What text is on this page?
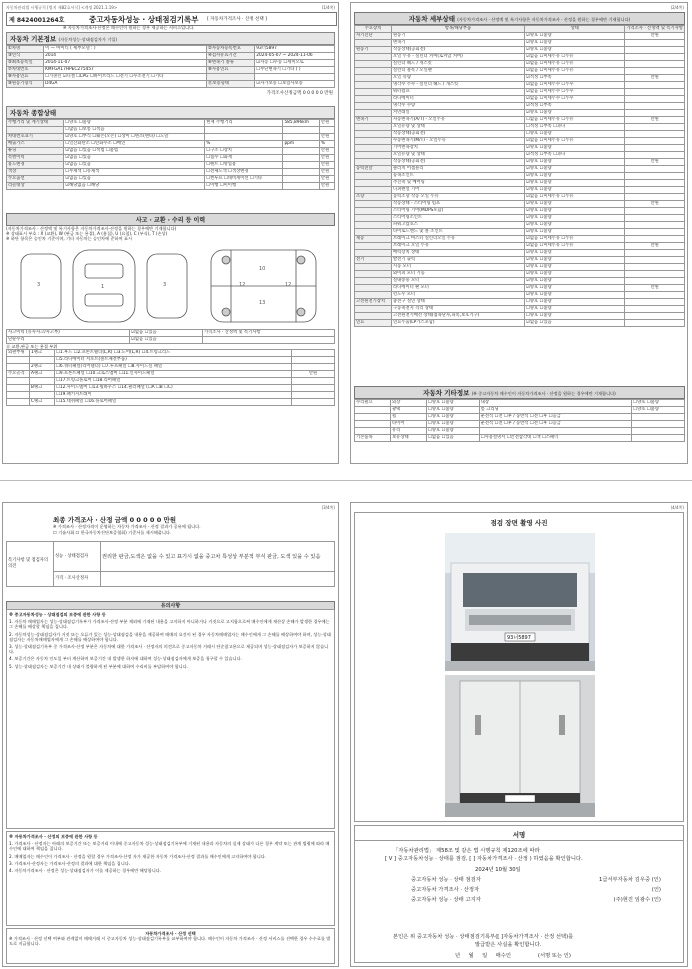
자동차관리법 시행규칙 [별지 제82호서식] <개정 2021.1.19>	(1/4쪽)
제 8424001264호	중고자동차성능 · 상태점검기록부 [ 자동차가격조사 · 산정 선택 ]
※ 자동차가격조사·산정은 매수인이 원하는 경우 제공하는 서비스입니다.
자동차 기본정보 (자동차성능·상태점검자가 기입)
①차명	이 — 마이티 ( 세부모델 : )	②자동차등록번호	93너5897
③연식	2014	④검사유효기간	2024-05-07 ~ 2024-11-06
⑤최초등록일	2014-11-07	⑥변속기 종류	☑자동 ☐수동 ☐세미오토
⑦차대번호	KMFGA17HPEC275457	⑧사용연료	☐무단변속기 ☐기타 ( )
⑨사용연료	☐가솔린 ☑디젤 ☐LPG ☐하이브리드 ☐전기 ☐수소전기 ☐기타		
⑩원동기형식	D4GA	⑪보증형태	☑자가보증 ☐보험사보증
가격조사산정금액 0 0 0 0 0 만원
자동차 종합상태
주행거리 및 계기상태	☐양호 ☐불량	현재 주행거리	585,896km	만원
	☐많음 ☐보통 ☐적음			
차대번호표기	☑양호 ☐부식 ☐훼손(오손) ☐상이 ☐변조(변타) ☐도말			만원
배출가스	☐일산화탄소 ☐탄화수소 ☐매연	%	ppm	%
튜닝	☑없음 ☐있음 ☐적법 ☐불법	☐구조 ☐장치		만원
특별이력	☑없음 ☐있음	☐침수 ☐화재		만원
용도변경	☑없음 ☐있음	☐렌트 ☐영업용		만원
색상	☐무채색 ☐유채색	☐전체도색 ☐색상변경		만원
주요옵션	☑없음 ☐있음	☐썬루프 ☐네비게이션 ☐기타		만원
리콜대상	☑해당없음 ☐해당	☐이행 ☐미이행		만원
사고 · 교환 · 수리 등 이력
(자동차가격조사 · 산정액 및 특기사항은 자동차가격조사·산정을 원하는 경우에만 기재합니다)
※ 상태표시 부호 : X (교환), W (판금 또는 용접), A (흠집), U (요철), C (부식), T (손상)
※ 하단 항목은 승인차 기준이며, 기타 자동차는 승인차에 준하여 표시
3	1	3
10
13
12	12
사고이력 (유사사고/사고부)	☑없음 ☐있음	가격조사 · 산정액 및 특기사항
단순수리	☑없음 ☐있음	
⑪ 교환,판금 또는 용접 부위
외판부위	1랭크	☐1.후드 ☐2.프론트휀더(L,R) ☐3.도어(L,R) ☐4.트렁크리드	
		☐5.라디에이터 서포트(볼트체결부품)	
	2랭크	☐6.쿼터패널(리어휀더) ☐7.루프패널 ☐8.사이드실 패널	
주요골격	A랭크	☐9.프론트패널 ☐10.크로스멤버 ☐11.인사이드패널	만원
		☐17.트렁크플로어 ☐18.리어패널	
	B랭크	☐12.사이드멤버 ☐13.휠하우스 ☐14.필러패널 (☐A ☐B ☐C)	
		☐19.패키지트레이	
	C랭크	☐15.대쉬패널 ☐16.플로어패널	
(2/4쪽)
자동차 세부상태 (자동차가격조사 · 산정액 및 특기사항은 자동차가격조사 · 산정을 원하는 경우에만 기재합니다)
주요장치	항목/해당부품	상태	가격조사 · 산정액 및 특기사항
자기진단	원동기	☑양호 ☐불량	만원
	변속기	☑양호 ☐불량	
원동기	작동상태(공회전)	☑양호 ☐불량	
	오일 누유 - 실린더 커버(로커암 커버)	☑없음 ☐미세누유 ☐누유	
	실린더 헤드 / 개스킷	☑없음 ☐미세누유 ☐누유	
	실린더 블록 / 오일팬	☑없음 ☐미세누유 ☐누유	
	오일 유량	☑적정 ☐부족	만원
	냉각수 누수 - 실린더 헤드 / 개스킷	☑없음 ☐미세누수 ☐누수	
	워터펌프	☑없음 ☐미세누수 ☐누수	
	라디에이터	☑없음 ☐미세누수 ☐누수	
	냉각수 수량	☑적정 ☐부족	
	커먼레일	☑양호 ☐불량	
변속기	자동변속기(A/T) - 오일누유	☐없음 ☐미세누유 ☐누유	만원
	오일유량 및 상태	☐적정 ☐부족 ☐과다	
	작동상태(공회전)	☐양호 ☐불량	
	수동변속기(M/T) - 오일누유	☑없음 ☐미세누유 ☐누유	
	기어변속장치	☑양호 ☐불량	
	오일유량 및 상태	☑적정 ☐부족 ☐과다	
	작동상태(공회전)	☑양호 ☐불량	만원
동력전달	클러치 어셈블리	☑양호 ☐불량	
	등속조인트	☑양호 ☐불량	
	추진축 및 베어링	☑양호 ☐불량	
	디퍼렌셜 기어	☑양호 ☐불량	
조향	동력조향 작동 오일 누유	☑없음 ☐미세누유 ☐누유	
	작동상태 - 스티어링 펌프	☑양호 ☐불량	만원
	스티어링 기어(MDPS포함)	☑양호 ☐불량	
	스티어링조인트	☑양호 ☐불량	
	파워고압호스	☑양호 ☐불량	
	타이로드엔드 및 볼 조인트	☑양호 ☐불량	
제동	브레이크 마스터 실린더오일 누유	☑없음 ☐미세누유 ☐누유	
	브레이크 오일 누유	☑없음 ☐미세누유 ☐누유	만원
	배력장치 상태	☑양호 ☐불량	
전기	발전기 출력	☑양호 ☐불량	
	시동 모터	☑양호 ☐불량	
	와이퍼 모터 기능	☑양호 ☐불량	
	실내송풍 모터	☑양호 ☐불량	
	라디에이터 팬 모터	☑양호 ☐불량	만원
	윈도우 모터	☑양호 ☐불량	
고전원전기장치	충전구 절연 상태	☐양호 ☐불량	
	구동축전지 격리 상태	☐양호 ☐불량	
	고전원전기배선 상태(접속단자,피복,보호기구)	☐양호 ☐불량	
연료	연료누출(LP가스포함)	☑없음 ☐있음	
자동차 기타정보 (※ 중고자동차 매수인이 자동차가격조사 · 산정을 원하는 경우에만 기재합니다)
수리필요	외장	☐양호 ☐불량	내장	☐양호 ☐불량
	광택	☐양호 ☐불량	룸 크리닝	☐양호 ☐불량
	휠	☐양호 ☐불량	운전석 ☐전 ☐후 / 동반석 ☐전 ☐후 ☐응급	
	타이어	☐양호 ☐불량	운전석 ☐전 ☐후 / 동반석 ☐전 ☐후 ☐응급	
	유리	☐양호 ☐불량		
기본품목	보유상태	☐없음 ☐있음	☐사용설명서 ☐안전삼각대 ☐잭 ☐스패너	
(3/4쪽)
최종 가격조사 · 산정 금액 0 0 0 0 0 만원
※ 가격조사 · 산정자격이 운영하는 자동차 가격조사 · 산정 결과가 공유에 됩니다.
☐ 기술사회 ☐ 한국자동차진단보증협회) 기준서를 제시해줍니다.
특기사항 및 점검자의 의견	성능 · 상태점검자	권리한 판금,도색은 없을 수 있고 표기시 없을 중고차 특성상 부분적 부식 판금, 도색 있을 수 있음
	가격 · 조사산정자	
유의사항
※ 중고자동차성능 · 상태점검의 보증에 관한 사항 등
1. 자동차 매매업자는 성능·상태점검기록부가 가격조사·산정 부분 제외에 기재된 내용을 고지하지 아니하거나 거짓으로 고지함으로써 매수인에게 재산상 손해가 발생한 경우에는 그 손해를 배상할 책임을 집니다.
2. 자동차성능·상태점검자가 거짓 또는 오류가 있는 성능·상태점검을 내용을 제공하여 매매의 요건이 된 경우 자동차매매업자는 매수인에게 그 손해를 배상하여야 하며, 성능·상태점검자는 자동차매매업자에게 그 손해를 배상하여야 합니다.
3. 성능·상태점검기록부 중 가격조사·산정 부분은 자동차에 대한 가격조사 · 산정자의 의견으로 중고자동차 거래시 단순참고용으로 제공되며 성능·상태점검자가 보증하지 않습니다.
4. 보증기간은 자동차 인도일 부터 계산하며 보증기간 내 발생한 하자에 대하여 성능·상태점검자에게 보증을 청구할 수 있습니다.
5. 성능·상태점검자는 보증기간 내 상태가 불량하게 된 부분에 대하여 수리비를 부담하여야 합니다.
※ 자동차가격조사 · 산정의 보증에 관한 사항 등
1. 가격조사 · 산정자는 아래의 보증기간 또는 보증거리 이내에 중고자동차 성능·상태점검기록부에 기재된 내용과 자동차의 실제 상태가 다른 경우 계약 또는 관계 법령에 따라 매수인에 대하여 책임을 집니다.
2. 매매업자는 매수인이 가격조사 · 산정을 원할 경우 가격조사·산정 자가 제공한 자동차 가격조사·산정 결과를 매수인에게 고지하여야 합니다.
3. 가격조사·산정자는 가격조사·산정의 결과에 대한 책임을 집니다.
4. 자동차가격조사 · 산정은 성능·상태점검자가 이를 제공하는 경우에만 해당합니다.
자동차가격조사 · 산정 선택
※ 가격조사 · 산정 선택 여부와 관계없이 매매거래 시 중고자동차 성능·상태점검기록부를 교부하여야 합니다. 매수인이 자동차 가격조사 · 산정 서비스를 선택한 경우 수수료를 별도로 지급합니다.
(4/4쪽)
점검 장면 촬영 사진
93너5897
서명
「자동차관리법」 제58조 및 같은 법 시행규칙 제120조에 따라
[ V ] 중고자동차성능 · 상태를 점검, [ ] 자동차가격조사 · 산정 ) 하였음을 확인합니다.
2024년 10월 30일
중고자동차 성능 · 상태 점검자	1급서부자동차 김우중 (인)
중고자동차 가격조사 · 산정자	(인)
중고자동차 성능 · 상태 고지자	(주)현진 임광수 (인)
본인은 위 중고자동차 성능 · 상태점검기록부([ ]자동차가격조사 · 산정 선택)를
발급받은 사실을 확인합니다.
년     월     일     매수인                (서명 또는 인)
